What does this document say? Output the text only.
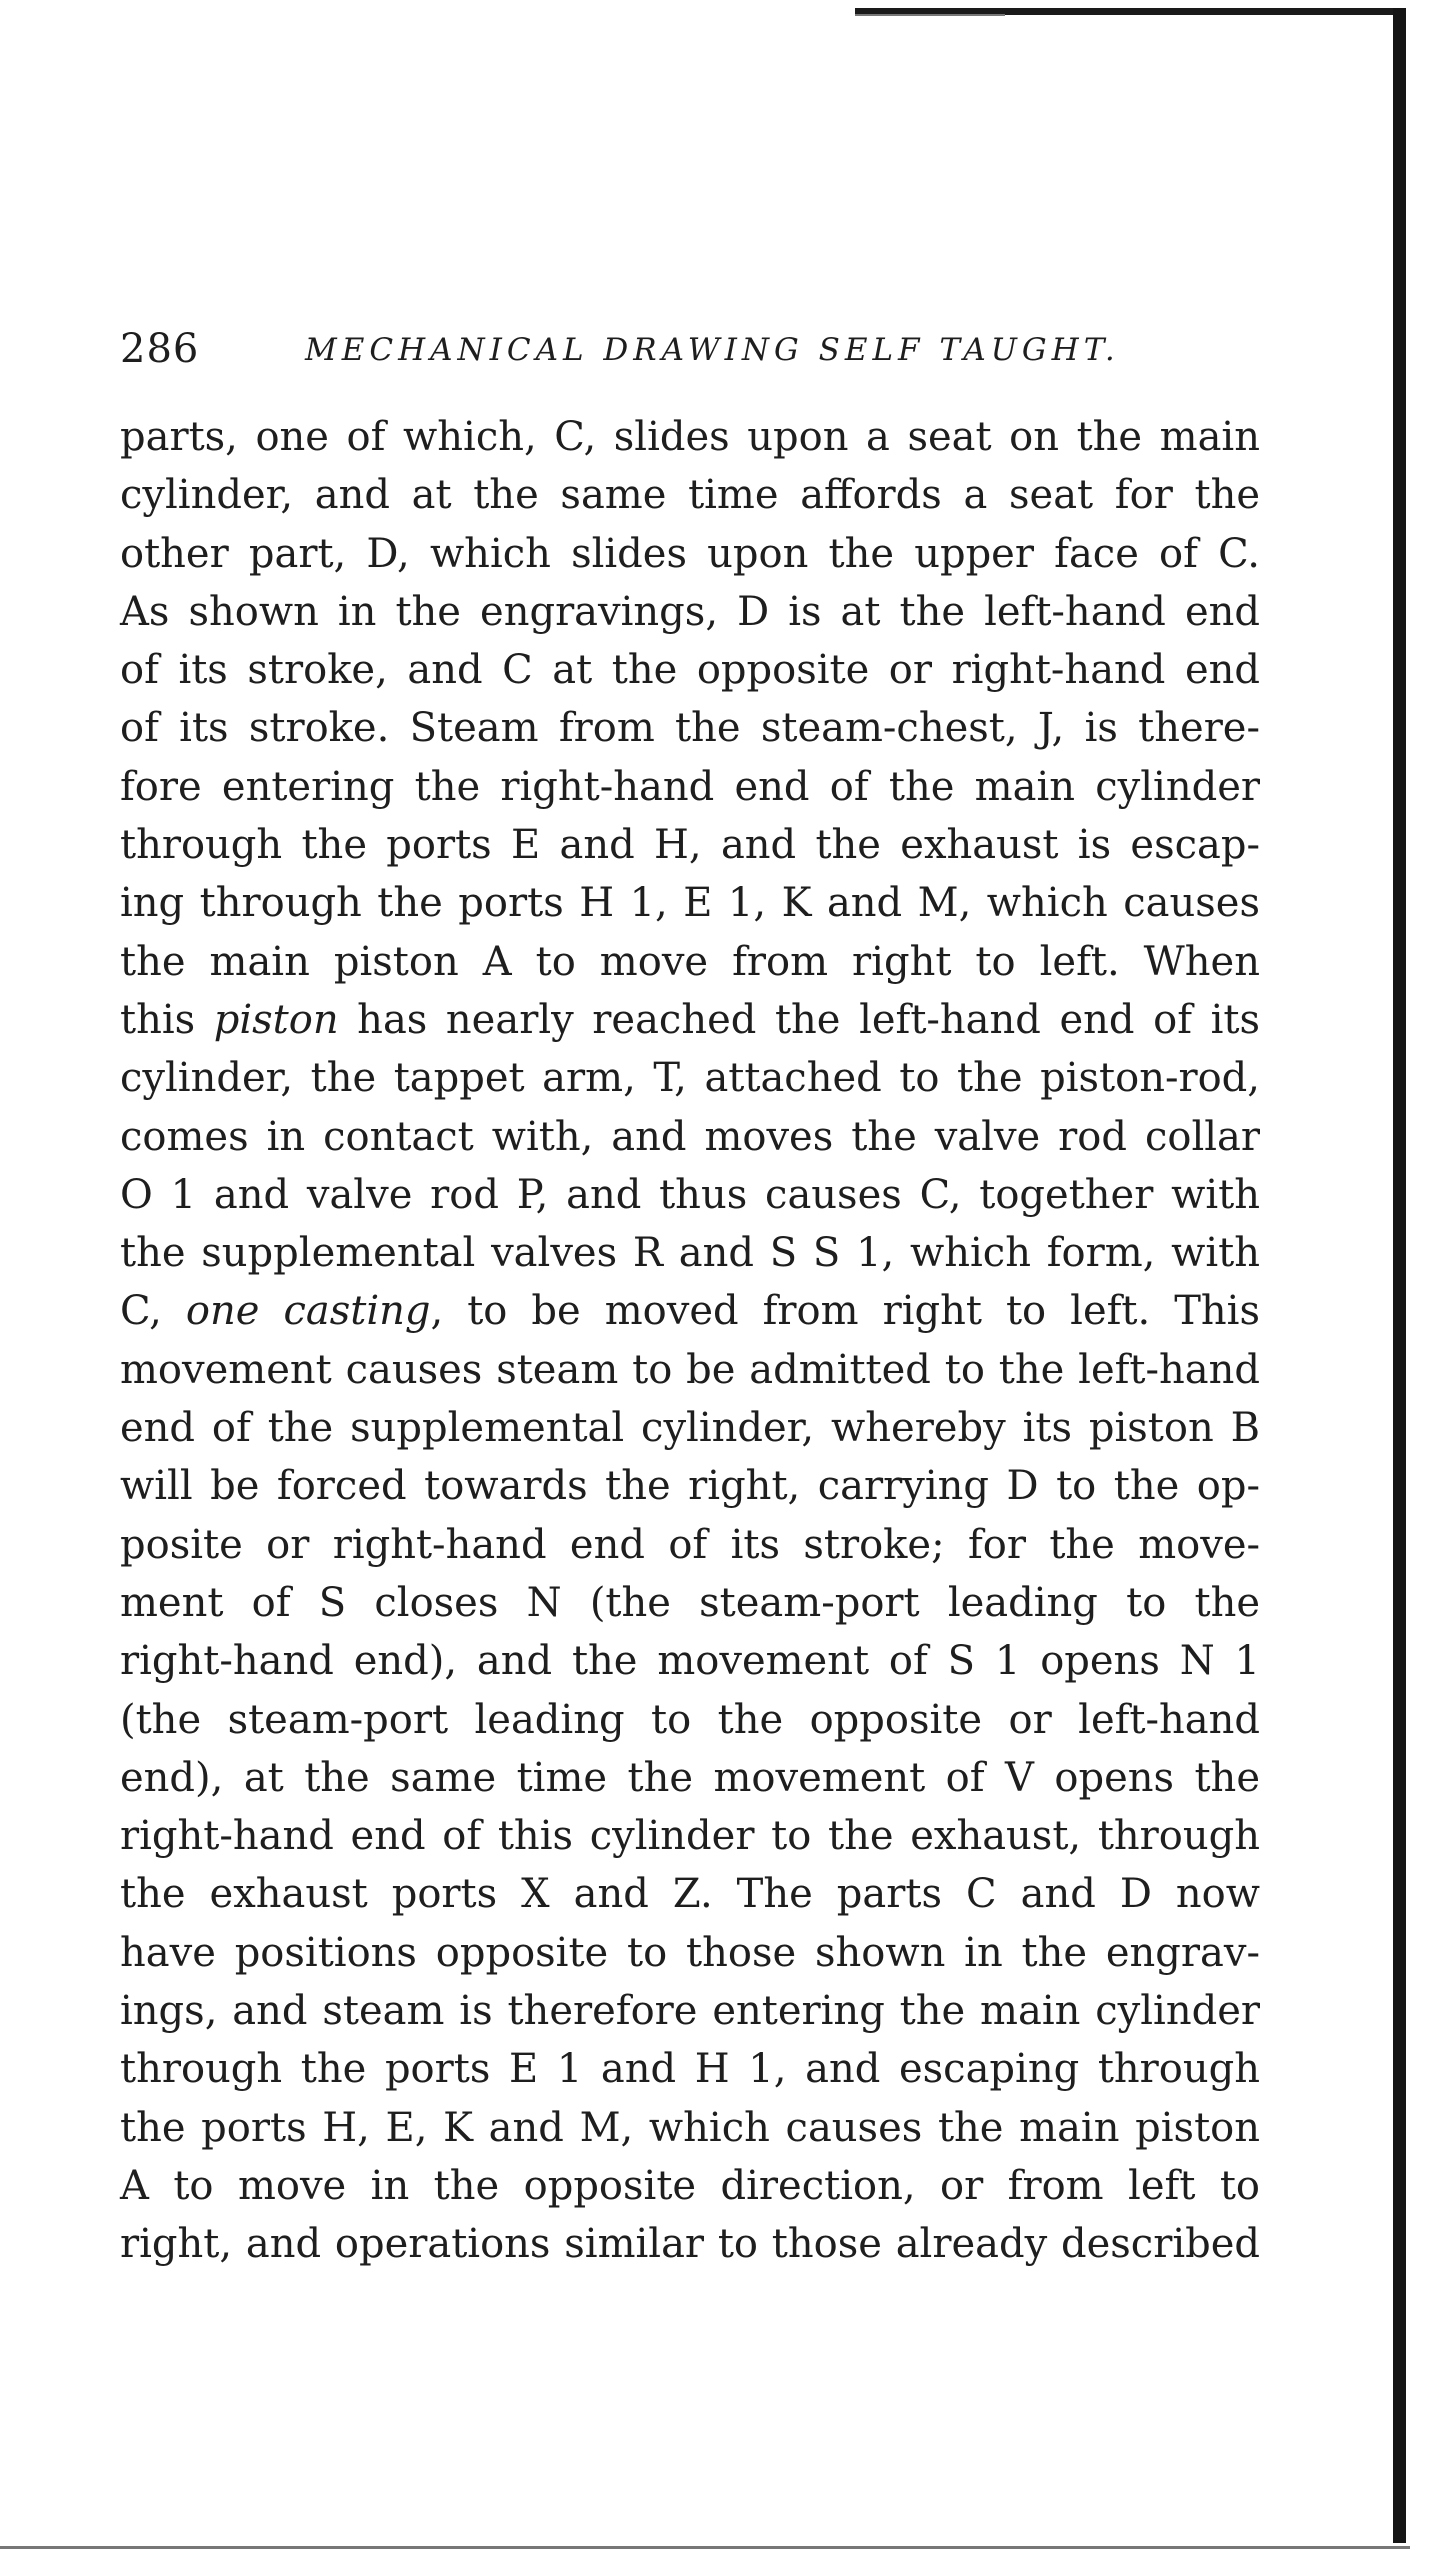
286	MECHANICAL DRAWING SELF TAUGHT.
parts, one of which, C, slides upon a seat on the main
cylinder, and at the same time affords a seat for the
other part, D, which slides upon the upper face of C.
As shown in the engravings, D is at the left-hand end
of its stroke, and C at the opposite or right-hand end
of its stroke. Steam from the steam-chest, J, is there-
fore entering the right-hand end of the main cylinder
through the ports E and H, and the exhaust is escap-
ing through the ports H 1, E 1, K and M, which causes
the main piston A to move from right to left. When
this piston has nearly reached the left-hand end of its
cylinder, the tappet arm, T, attached to the piston-rod,
comes in contact with, and moves the valve rod collar
O 1 and valve rod P, and thus causes C, together with
the supplemental valves R and S S 1, which form, with
C, one casting, to be moved from right to left. This
movement causes steam to be admitted to the left-hand
end of the supplemental cylinder, whereby its piston B
will be forced towards the right, carrying D to the op-
posite or right-hand end of its stroke; for the move-
ment of S closes N (the steam-port leading to the
right-hand end), and the movement of S 1 opens N 1
(the steam-port leading to the opposite or left-hand
end), at the same time the movement of V opens the
right-hand end of this cylinder to the exhaust, through
the exhaust ports X and Z. The parts C and D now
have positions opposite to those shown in the engrav-
ings, and steam is therefore entering the main cylinder
through the ports E 1 and H 1, and escaping through
the ports H, E, K and M, which causes the main piston
A to move in the opposite direction, or from left to
right, and operations similar to those already described
